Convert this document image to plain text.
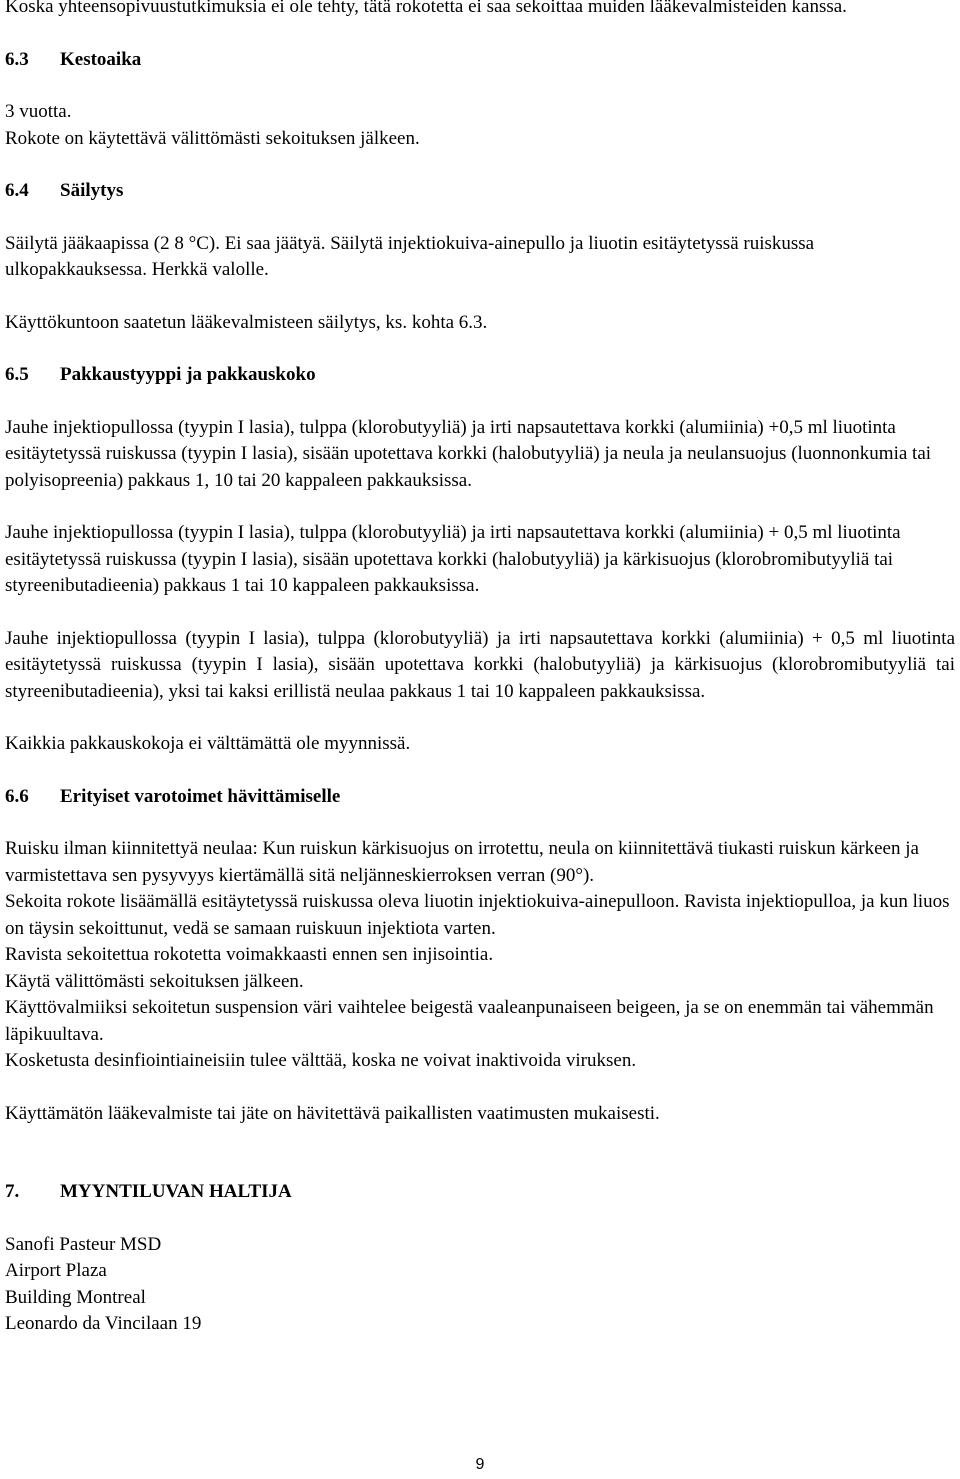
Koska yhteensopivuustutkimuksia ei ole tehty, tätä rokotetta ei saa sekoittaa muiden lääkevalmisteiden kanssa.

6.3	Kestoaika

3 vuotta.

Rokote on käytettävä välittömästi sekoituksen jälkeen.

6.4	Säilytys

Säilytä jääkaapissa (2 8 °C). Ei saa jäätyä. Säilytä injektiokuiva-ainepullo ja liuotin esitäytetyssä ruiskussa ulkopakkauksessa. Herkkä valolle.

Käyttökuntoon saatetun lääkevalmisteen säilytys, ks. kohta 6.3.

6.5	Pakkaustyyppi ja pakkauskoko

Jauhe injektiopullossa (tyypin I lasia), tulppa (klorobutyyliä) ja irti napsautettava korkki (alumiinia) +0,5 ml liuotinta esitäytetyssä ruiskussa (tyypin I lasia), sisään upotettava korkki (halobutyyliä) ja neula ja neulansuojus (luonnonkumia tai polyisopreenia) pakkaus 1, 10 tai 20 kappaleen pakkauksissa.

Jauhe injektiopullossa (tyypin I lasia), tulppa (klorobutyyliä) ja irti napsautettava korkki (alumiinia) + 0,5 ml liuotinta esitäytetyssä ruiskussa (tyypin I lasia), sisään upotettava korkki (halobutyyliä) ja kärkisuojus (klorobromibutyyliä tai styreenibutadieenia) pakkaus 1 tai 10 kappaleen pakkauksissa.

Jauhe injektiopullossa (tyypin I lasia), tulppa (klorobutyyliä) ja irti napsautettava korkki (alumiinia) + 0,5 ml liuotinta esitäytetyssä ruiskussa (tyypin I lasia), sisään upotettava korkki (halobutyyliä) ja kärkisuojus (klorobromibutyyliä tai styreenibutadieenia), yksi tai kaksi erillistä neulaa pakkaus 1 tai 10 kappaleen pakkauksissa.

Kaikkia pakkauskokoja ei välttämättä ole myynnissä.

6.6	Erityiset varotoimet hävittämiselle

Ruisku ilman kiinnitettyä neulaa: Kun ruiskun kärkisuojus on irrotettu, neula on kiinnitettävä tiukasti ruiskun kärkeen ja varmistettava sen pysyvyys kiertämällä sitä neljänneskierroksen verran (90°).

Sekoita rokote lisäämällä esitäytetyssä ruiskussa oleva liuotin injektiokuiva-ainepulloon. Ravista injektiopulloa, ja kun liuos on täysin sekoittunut, vedä se samaan ruiskuun injektiota varten.

Ravista sekoitettua rokotetta voimakkaasti ennen sen injisointia.

Käytä välittömästi sekoituksen jälkeen.

Käyttövalmiiksi sekoitetun suspension väri vaihtelee beigestä vaaleanpunaiseen beigeen, ja se on enemmän tai vähemmän läpikuultava.

Kosketusta desinfiointiaineisiin tulee välttää, koska ne voivat inaktivoida viruksen.

Käyttämätön lääkevalmiste tai jäte on hävitettävä paikallisten vaatimusten mukaisesti.

7.	MYYNTILUVAN HALTIJA

Sanofi Pasteur MSD

Airport Plaza

Building Montreal

Leonardo da Vincilaan 19

9
